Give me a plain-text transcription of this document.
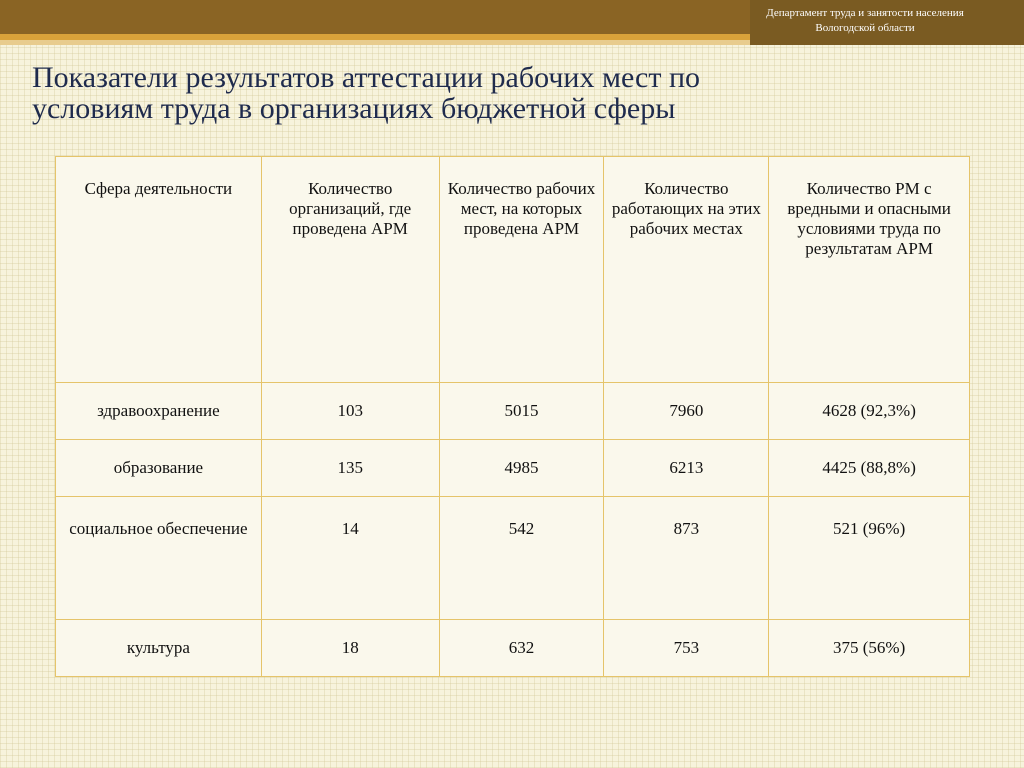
Департамент труда и занятости населения
Вологодской области
Показатели результатов аттестации рабочих мест по
условиям труда в организациях бюджетной сферы
Сфера деятельности	Количество организаций, где проведена АРМ	Количество рабочих мест, на которых проведена АРМ	Количество работающих на этих рабочих местах	Количество РМ с вредными и опасными условиями труда по результатам АРМ
здравоохранение	103	5015	7960	4628 (92,3%)
образование	135	4985	6213	4425 (88,8%)
социальное обеспечение	14	542	873	521 (96%)
культура	18	632	753	375 (56%)
